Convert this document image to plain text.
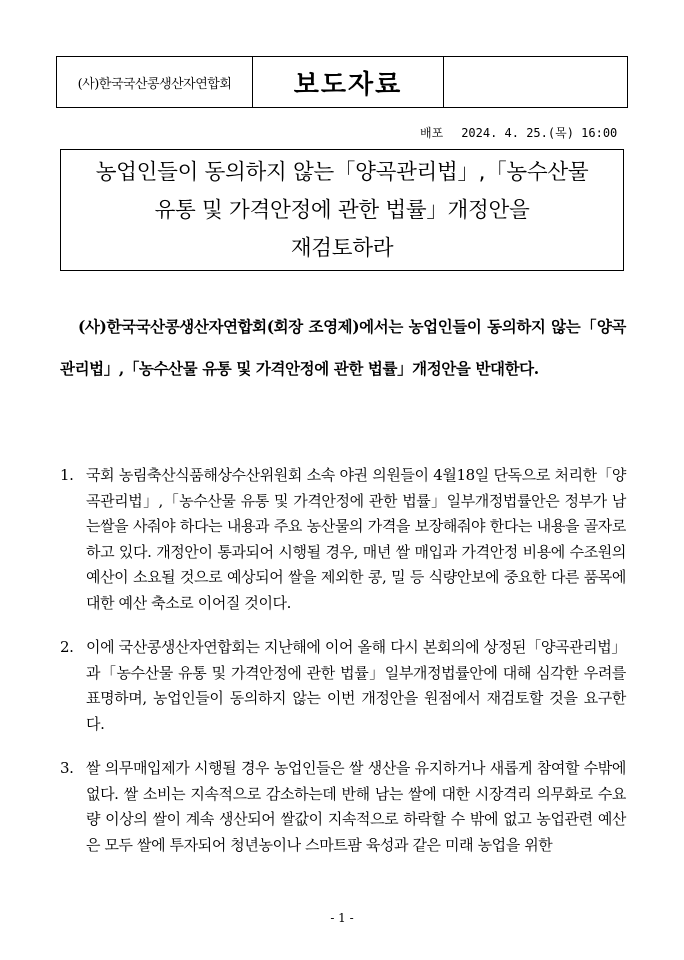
(사)한국국산콩생산자연합회	보도자료
배포 2024. 4. 25.(목) 16:00
농업인들이 동의하지 않는「양곡관리법」,「농수산물
유통 및 가격안정에 관한 법률」개정안을
재검토하라
(사)한국국산콩생산자연합회(회장 조영제)에서는 농업인들이 동의하지 않는「양곡관리법」,「농수산물 유통 및 가격안정에 관한 법률」개정안을 반대한다.
1. 국회 농림축산식품해상수산위원회 소속 야권 의원들이 4월18일 단독으로 처리한「양곡관리법」,「농수산물 유통 및 가격안정에 관한 법률」일부개정법률안은 정부가 남는쌀을 사줘야 하다는 내용과 주요 농산물의 가격을 보장해줘야 한다는 내용을 골자로 하고 있다. 개정안이 통과되어 시행될 경우, 매년 쌀 매입과 가격안정 비용에 수조원의 예산이 소요될 것으로 예상되어 쌀을 제외한 콩, 밀 등 식량안보에 중요한 다른 품목에 대한 예산 축소로 이어질 것이다.
2. 이에 국산콩생산자연합회는 지난해에 이어 올해 다시 본회의에 상정된「양곡관리법」과「농수산물 유통 및 가격안정에 관한 법률」일부개정법률안에 대해 심각한 우려를 표명하며, 농업인들이 동의하지 않는 이번 개정안을 원점에서 재검토할 것을 요구한다.
3. 쌀 의무매입제가 시행될 경우 농업인들은 쌀 생산을 유지하거나 새롭게 참여할 수밖에 없다. 쌀 소비는 지속적으로 감소하는데 반해 남는 쌀에 대한 시장격리 의무화로 수요량 이상의 쌀이 계속 생산되어 쌀값이 지속적으로 하락할 수 밖에 없고 농업관련 예산은 모두 쌀에 투자되어 청년농이나 스마트팜 육성과 같은 미래 농업을 위한
- 1 -
